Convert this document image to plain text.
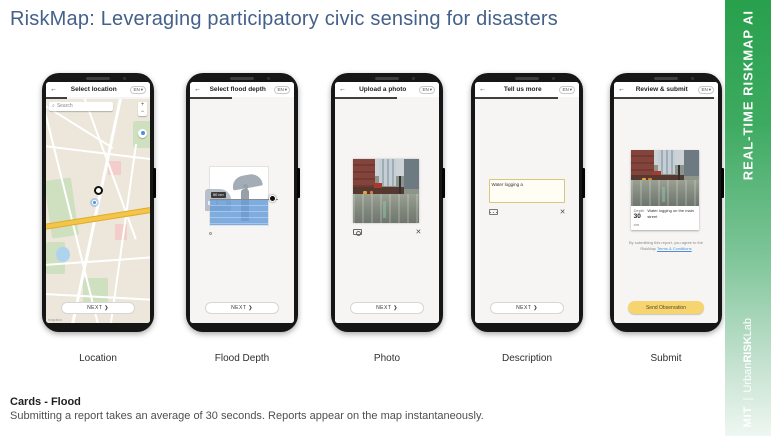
RiskMap: Leveraging participatory civic sensing for disasters
←	Select location	EN ▾
⌕ Search	+
−
mapbox
NEXT ❯
←	Select flood depth	EN ▾
90 cm
NEXT ❯
←	Upload a photo	EN ▾
✕
NEXT ❯
←	Tell us more	EN ▾
Water logging a
✕
NEXT ❯
←	Review & submit	EN ▾
Depth
30
cm
Water logging on the main street
By submitting this report, you agree to the RiskMap Terms & Conditions
Send Observation
Location	Flood Depth	Photo	Description	Submit
Cards - Flood
Submitting a report takes an average of 30 seconds. Reports appear on the map instantaneously.
REAL-TIME RISKMAP AI
MIT | UrbanRISKLab
